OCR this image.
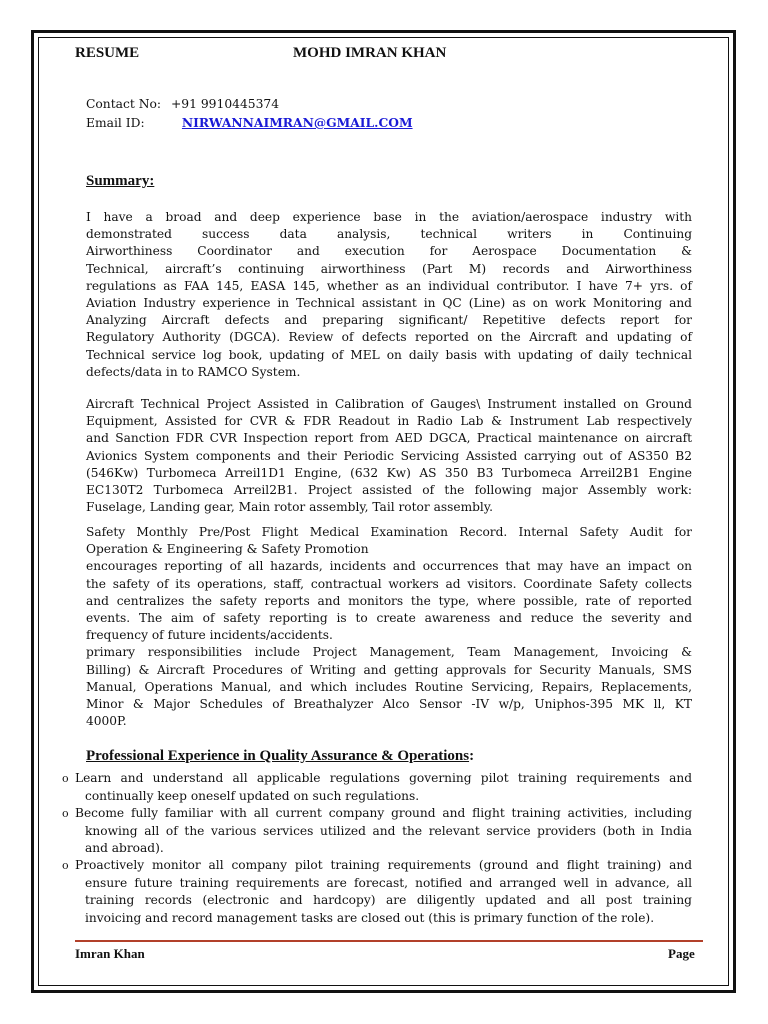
RESUME	MOHD IMRAN KHAN
Contact No: +91 9910445374
Email ID:	NIRWANNAIMRAN@GMAIL.COM
Summary:
I have a broad and deep experience base in the aviation/aerospace industry with
demonstrated success data analysis, technical writers in Continuing
Airworthiness Coordinator and execution for Aerospace Documentation &
Technical, aircraft’s continuing airworthiness (Part M) records and Airworthiness
regulations as FAA 145, EASA 145, whether as an individual contributor. I have 7+ yrs. of
Aviation Industry experience in Technical assistant in QC (Line) as on work Monitoring and
Analyzing Aircraft defects and preparing significant/ Repetitive defects report for
Regulatory Authority (DGCA). Review of defects reported on the Aircraft and updating of
Technical service log book, updating of MEL on daily basis with updating of daily technical
defects/data in to RAMCO System.
Aircraft Technical Project Assisted in Calibration of Gauges\ Instrument installed on Ground
Equipment, Assisted for CVR & FDR Readout in Radio Lab & Instrument Lab respectively
and Sanction FDR CVR Inspection report from AED DGCA, Practical maintenance on aircraft
Avionics System components and their Periodic Servicing Assisted carrying out of AS350 B2
(546Kw) Turbomeca Arreil1D1 Engine, (632 Kw) AS 350 B3 Turbomeca Arreil2B1 Engine
EC130T2 Turbomeca Arreil2B1. Project assisted of the following major Assembly work:
Fuselage, Landing gear, Main rotor assembly, Tail rotor assembly.
Safety Monthly Pre/Post Flight Medical Examination Record. Internal Safety Audit for
Operation & Engineering & Safety Promotion
encourages reporting of all hazards, incidents and occurrences that may have an impact on
the safety of its operations, staff, contractual workers ad visitors. Coordinate Safety collects
and centralizes the safety reports and monitors the type, where possible, rate of reported
events. The aim of safety reporting is to create awareness and reduce the severity and
frequency of future incidents/accidents.
primary responsibilities include Project Management, Team Management, Invoicing &
Billing) & Aircraft Procedures of Writing and getting approvals for Security Manuals, SMS
Manual, Operations Manual, and which includes Routine Servicing, Repairs, Replacements,
Minor & Major Schedules of Breathalyzer Alco Sensor -IV w/p, Uniphos-395 MK ll, KT
4000P.
Professional Experience in Quality Assurance & Operations:
o Learn and understand all applicable regulations governing pilot training requirements and
continually keep oneself updated on such regulations.
o Become fully familiar with all current company ground and flight training activities, including
knowing all of the various services utilized and the relevant service providers (both in India
and abroad).
o Proactively monitor all company pilot training requirements (ground and flight training) and
ensure future training requirements are forecast, notified and arranged well in advance, all
training records (electronic and hardcopy) are diligently updated and all post training
invoicing and record management tasks are closed out (this is primary function of the role).
Imran Khan	Page
